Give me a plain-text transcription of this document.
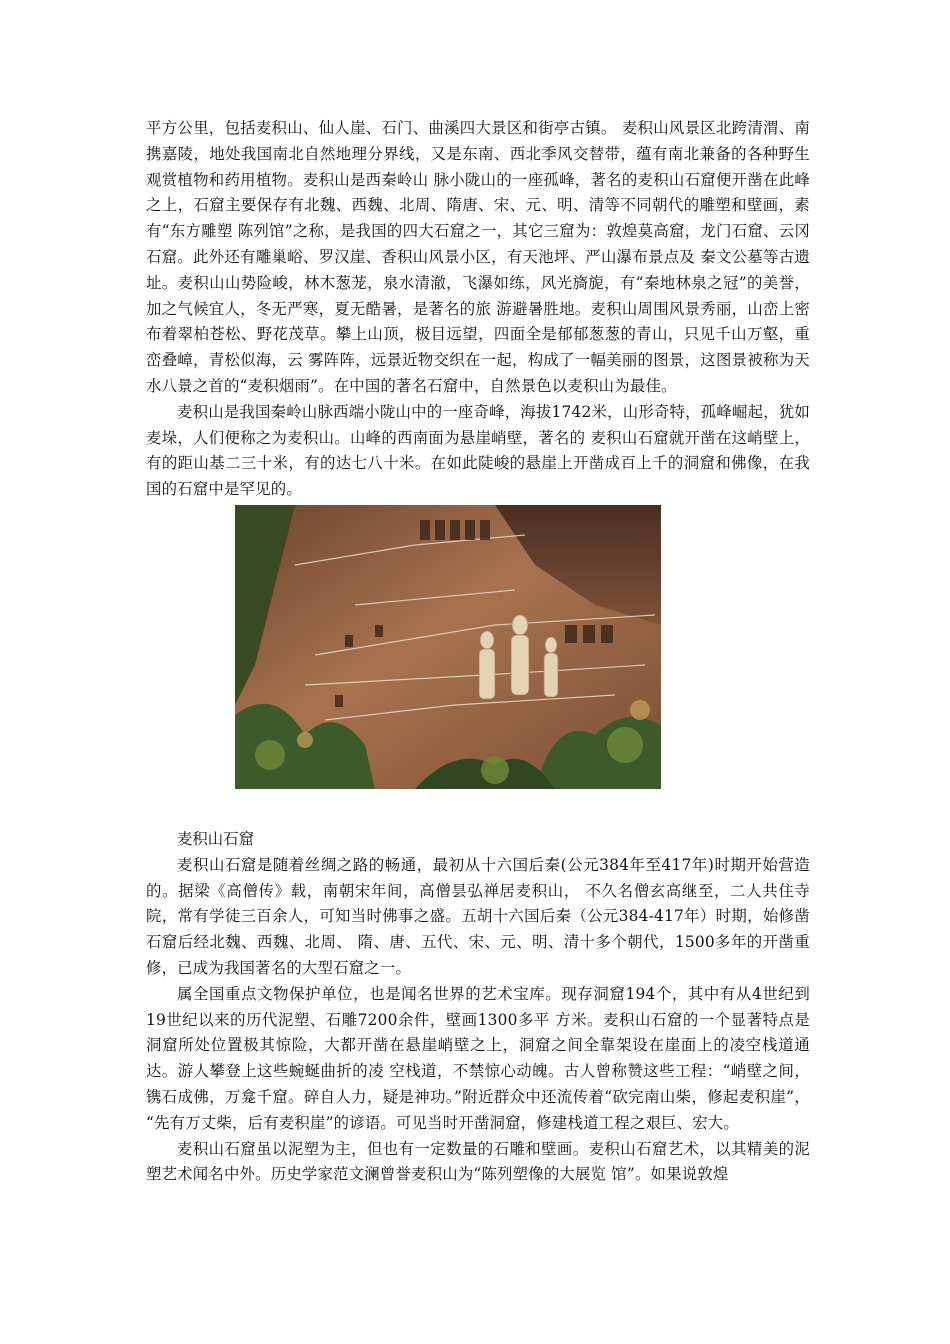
平方公里，包括麦积山、仙人崖、石门、曲溪四大景区和街亭古镇。 麦积山风景区北跨清渭、南携嘉陵，地处我国南北自然地理分界线，又是东南、西北季风交替带，蕴有南北兼备的各种野生观赏植物和药用植物。麦积山是西秦岭山 脉小陇山的一座孤峰，著名的麦积山石窟便开凿在此峰之上，石窟主要保存有北魏、西魏、北周、隋唐、宋、元、明、清等不同朝代的雕塑和壁画，素有“东方雕塑 陈列馆”之称，是我国的四大石窟之一，其它三窟为：敦煌莫高窟，龙门石窟、云冈石窟。此外还有雕巢峪、罗汉崖、香积山风景小区，有天池坪、严山瀑布景点及 秦文公墓等古遗址。麦积山山势险峻，林木葱茏，泉水清澈，飞瀑如练，风光旖旎，有“秦地林泉之冠”的美誉，加之气候宜人，冬无严寒，夏无酷暑，是著名的旅 游避暑胜地。麦积山周围风景秀丽，山峦上密布着翠柏苍松、野花茂草。攀上山顶，极目远望，四面全是郁郁葱葱的青山，只见千山万壑，重峦叠嶂，青松似海，云 雾阵阵，远景近物交织在一起，构成了一幅美丽的图景，这图景被称为天水八景之首的“麦积烟雨”。在中国的著名石窟中，自然景色以麦积山为最佳。

麦积山是我国秦岭山脉西端小陇山中的一座奇峰，海拔1742米，山形奇特，孤峰崛起，犹如麦垛，人们便称之为麦积山。山峰的西南面为悬崖峭壁，著名的 麦积山石窟就开凿在这峭壁上，有的距山基二三十米，有的达七八十米。在如此陡峻的悬崖上开凿成百上千的洞窟和佛像，在我国的石窟中是罕见的。

麦积山石窟

麦积山石窟是随着丝绸之路的畅通，最初从十六国后秦(公元384年至417年)时期开始营造的。据梁《高僧传》载，南朝宋年间，高僧昙弘禅居麦积山， 不久名僧玄高继至，二人共住寺院，常有学徒三百余人，可知当时佛事之盛。五胡十六国后秦（公元384-417年）时期，始修凿石窟后经北魏、西魏、北周、 隋、唐、五代、宋、元、明、清十多个朝代，1500多年的开凿重修，已成为我国著名的大型石窟之一。

属全国重点文物保护单位，也是闻名世界的艺术宝库。现存洞窟194个，其中有从4世纪到19世纪以来的历代泥塑、石雕7200余件，壁画1300多平 方米。麦积山石窟的一个显著特点是洞窟所处位置极其惊险，大都开凿在悬崖峭壁之上，洞窟之间全靠架设在崖面上的凌空栈道通达。游人攀登上这些蜿蜒曲折的凌 空栈道，不禁惊心动魄。古人曾称赞这些工程：“峭壁之间，镌石成佛，万龛千窟。碎自人力，疑是神功。”附近群众中还流传着“砍完南山柴，修起麦积崖”， “先有万丈柴，后有麦积崖”的谚语。可见当时开凿洞窟，修建栈道工程之艰巨、宏大。

麦积山石窟虽以泥塑为主，但也有一定数量的石雕和壁画。麦积山石窟艺术，以其精美的泥塑艺术闻名中外。历史学家范文澜曾誉麦积山为“陈列塑像的大展览 馆”。如果说敦煌
